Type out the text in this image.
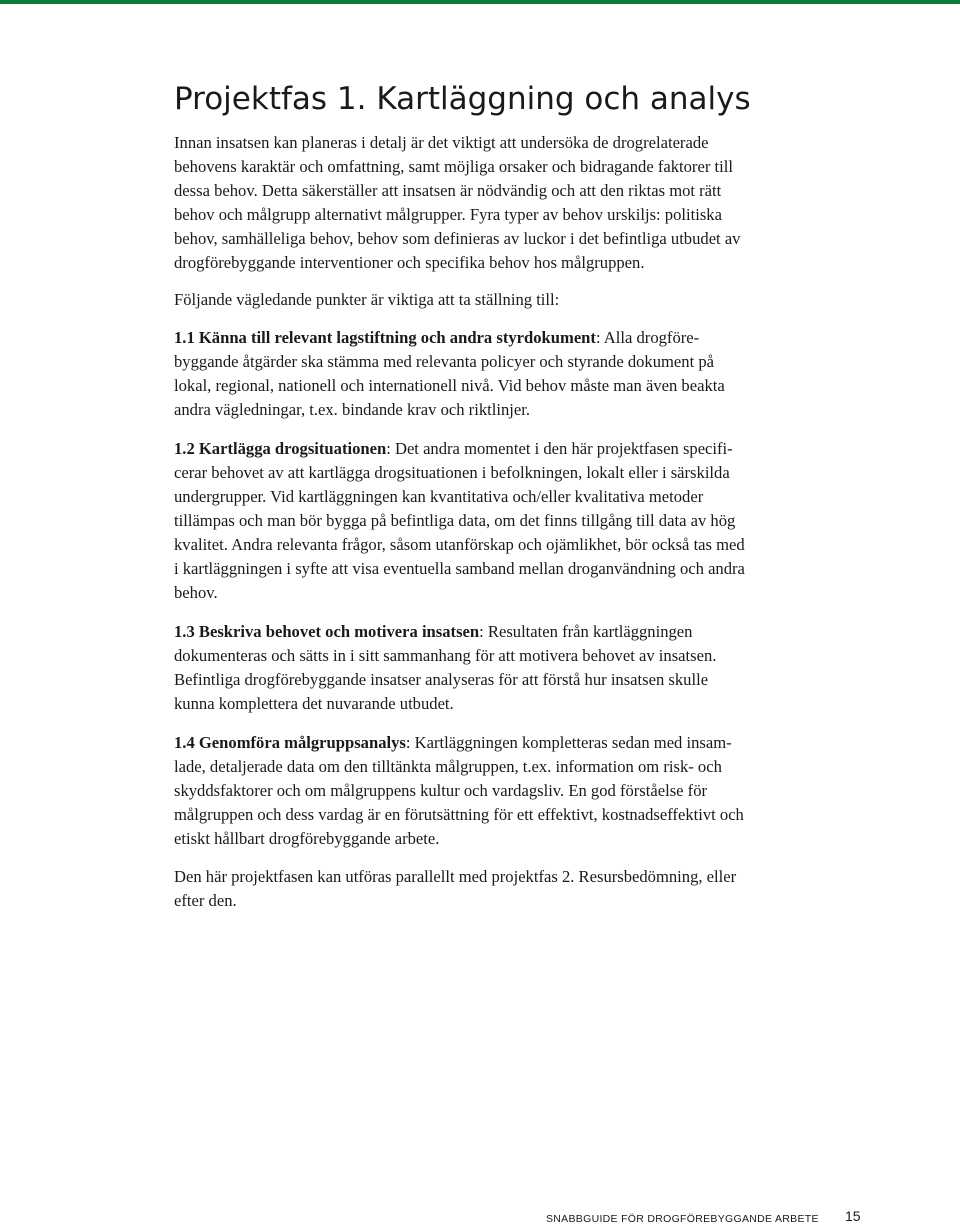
Projektfas 1. Kartläggning och analys

Innan insatsen kan planeras i detalj är det viktigt att undersöka de drogrelaterade
behovens karaktär och omfattning, samt möjliga orsaker och bidragande faktorer till
dessa behov. Detta säkerställer att insatsen är nödvändig och att den riktas mot rätt
behov och målgrupp alternativt målgrupper. Fyra typer av behov urskiljs: politiska
behov, samhälleliga behov, behov som definieras av luckor i det befintliga utbudet av
drogförebyggande interventioner och specifika behov hos målgruppen.

Följande vägledande punkter är viktiga att ta ställning till:

1.1 Känna till relevant lagstiftning och andra styrdokument: Alla drogföre-
byggande åtgärder ska stämma med relevanta policyer och styrande dokument på
lokal, regional, nationell och internationell nivå. Vid behov måste man även beakta
andra vägledningar, t.ex. bindande krav och riktlinjer.

1.2 Kartlägga drogsituationen: Det andra momentet i den här projektfasen specifi-
cerar behovet av att kartlägga drogsituationen i befolkningen, lokalt eller i särskilda
undergrupper. Vid kartläggningen kan kvantitativa och/eller kvalitativa metoder
tillämpas och man bör bygga på befintliga data, om det finns tillgång till data av hög
kvalitet. Andra relevanta frågor, såsom utanförskap och ojämlikhet, bör också tas med
i kartläggningen i syfte att visa eventuella samband mellan droganvändning och andra
behov.

1.3 Beskriva behovet och motivera insatsen: Resultaten från kartläggningen
dokumenteras och sätts in i sitt sammanhang för att motivera behovet av insatsen.
Befintliga drogförebyggande insatser analyseras för att förstå hur insatsen skulle
kunna komplettera det nuvarande utbudet.

1.4 Genomföra målgruppsanalys: Kartläggningen kompletteras sedan med insam-
lade, detaljerade data om den tilltänkta målgruppen, t.ex. information om risk- och
skyddsfaktorer och om målgruppens kultur och vardagsliv. En god förståelse för
målgruppen och dess vardag är en förutsättning för ett effektivt, kostnadseffektivt och
etiskt hållbart drogförebyggande arbete.

Den här projektfasen kan utföras parallellt med projektfas 2. Resursbedömning, eller
efter den.

SNABBGUIDE FÖR DROGFÖREBYGGANDE ARBETE 15
